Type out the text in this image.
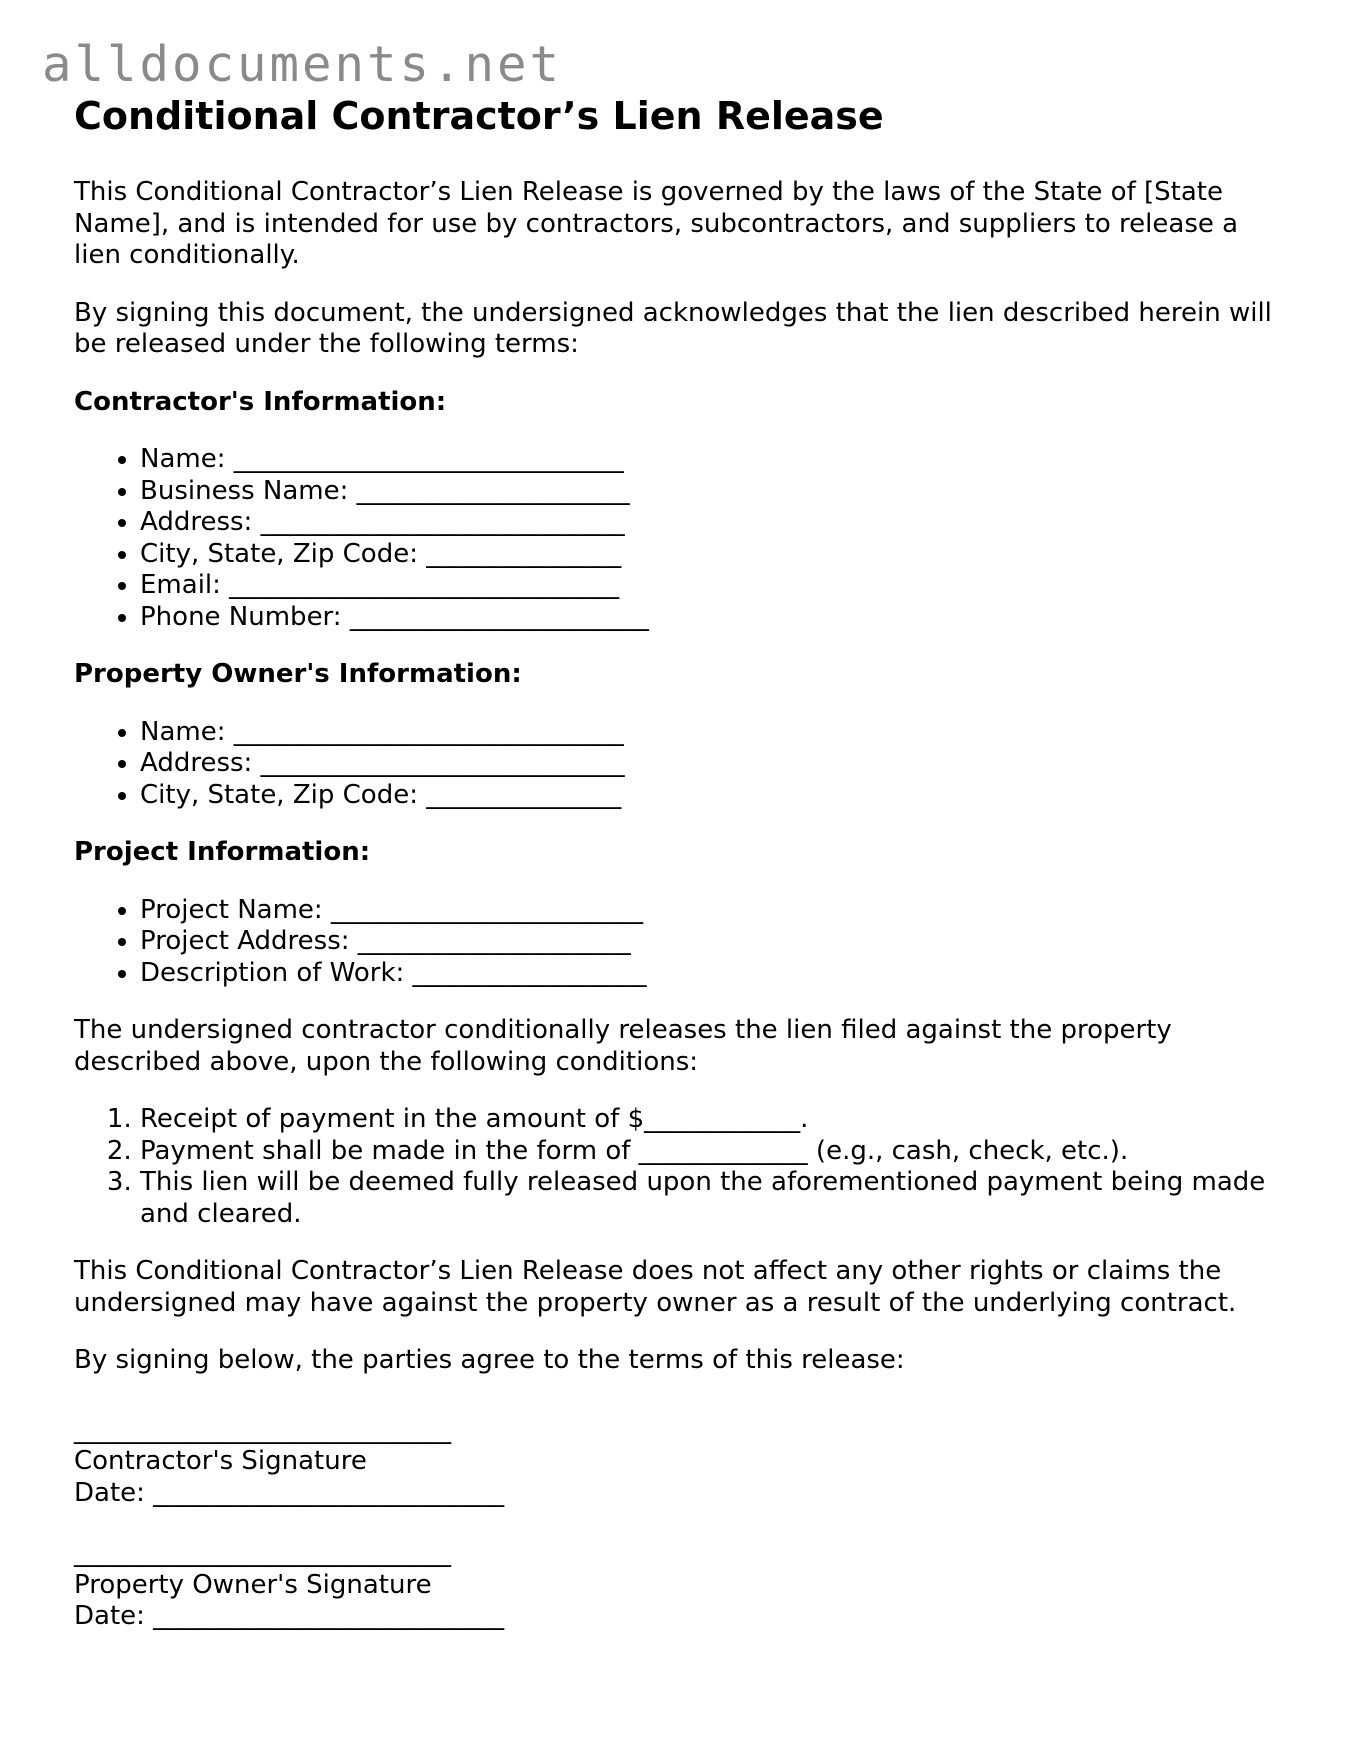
alldocuments.net
Conditional Contractor’s Lien Release

This Conditional Contractor’s Lien Release is governed by the laws of the State of [State Name], and is intended for use by contractors, subcontractors, and suppliers to release a lien conditionally.

By signing this document, the undersigned acknowledges that the lien described herein will be released under the following terms:

Contractor's Information:
• Name: ______________________________
• Business Name: _____________________
• Address: ____________________________
• City, State, Zip Code: _______________
• Email: ______________________________
• Phone Number: _______________________
Property Owner's Information:
• Name: ______________________________
• Address: ____________________________
• City, State, Zip Code: _______________
Project Information:
• Project Name: ________________________
• Project Address: _____________________
• Description of Work: __________________

The undersigned contractor conditionally releases the lien filed against the property described above, upon the following conditions:

1. Receipt of payment in the amount of $____________.
2. Payment shall be made in the form of _____________ (e.g., cash, check, etc.).
3. This lien will be deemed fully released upon the aforementioned payment being made and cleared.

This Conditional Contractor’s Lien Release does not affect any other rights or claims the undersigned may have against the property owner as a result of the underlying contract.

By signing below, the parties agree to the terms of this release:

_____________________________
Contractor's Signature
Date: ___________________________
_____________________________
Property Owner's Signature
Date: ___________________________
